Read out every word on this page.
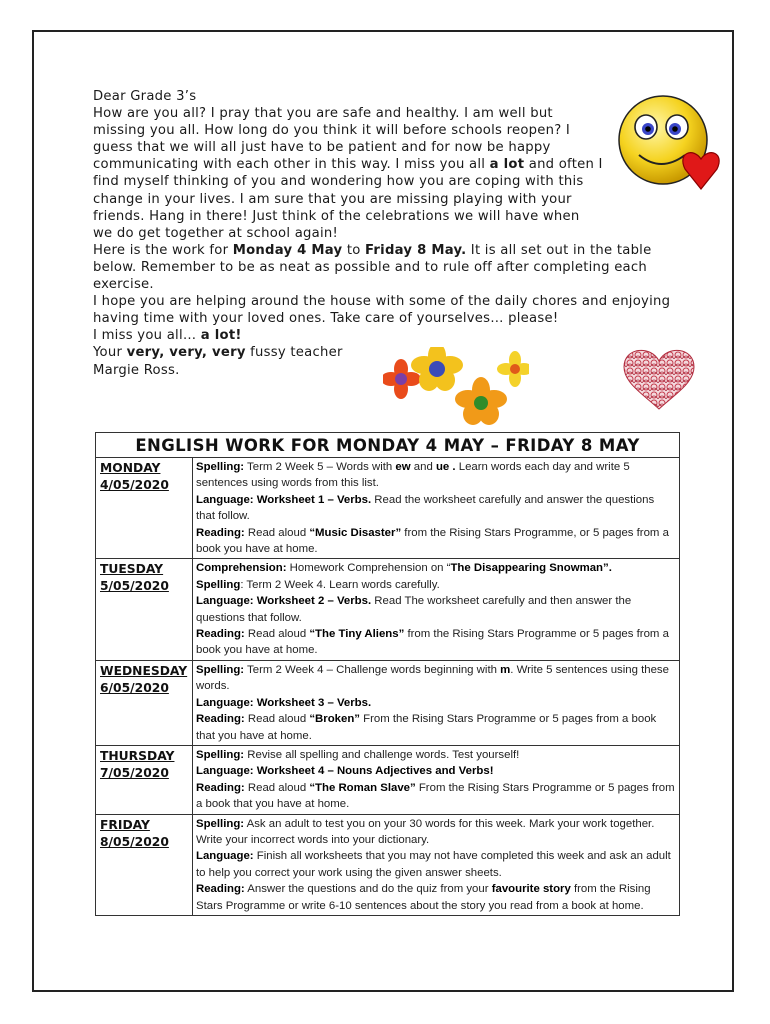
Dear Grade 3’s

How are you all? I pray that you are safe and healthy. I am well but missing you all. How long do you think it will before schools reopen? I guess that we will all just have to be patient and for now be happy communicating with each other in this way. I miss you all a lot and often I find myself thinking of you and wondering how you are coping with this change in your lives. I am sure that you are missing playing with your friends. Hang in there! Just think of the celebrations we will have when we do get together at school again!

Here is the work for Monday 4 May to Friday 8 May. It is all set out in the table below. Remember to be as neat as possible and to rule off after completing each exercise.

I hope you are helping around the house with some of the daily chores and enjoying having time with your loved ones. Take care of yourselves… please!

I miss you all… a lot!

Your very, very, very fussy teacher

Margie Ross.

ENGLISH WORK FOR MONDAY 4 MAY – FRIDAY 8 MAY	

MONDAY
4/05/2020	Spelling: Term 2 Week 5 – Words with ew and ue . Learn words each day and write 5 sentences using words from this list.
Language: Worksheet 1 – Verbs. Read the worksheet carefully and answer the questions that follow.
Reading: Read aloud “Music Disaster” from the Rising Stars Programme, or 5 pages from a book you have at home.

TUESDAY
5/05/2020	Comprehension: Homework Comprehension on “The Disappearing Snowman”.
Spelling: Term 2 Week 4. Learn words carefully.
Language: Worksheet 2 – Verbs. Read The worksheet carefully and then answer the questions that follow.
Reading: Read aloud “The Tiny Aliens” from the Rising Stars Programme or 5 pages from a book you have at home.

WEDNESDAY
6/05/2020	Spelling: Term 2 Week 4 – Challenge words beginning with m. Write 5 sentences using these words.
Language: Worksheet 3 – Verbs.
Reading: Read aloud “Broken” From the Rising Stars Programme or 5 pages from a book that you have at home.

THURSDAY
7/05/2020	Spelling: Revise all spelling and challenge words. Test yourself!
Language: Worksheet 4 – Nouns Adjectives and Verbs!
Reading: Read aloud “The Roman Slave” From the Rising Stars Programme or 5 pages from a book that you have at home.

FRIDAY
8/05/2020	Spelling: Ask an adult to test you on your 30 words for this week. Mark your work together. Write your incorrect words into your dictionary.
Language: Finish all worksheets that you may not have completed this week and ask an adult to help you correct your work using the given answer sheets.
Reading: Answer the questions and do the quiz from your favourite story from the Rising Stars Programme or write 6-10 sentences about the story you read from a book at home.
